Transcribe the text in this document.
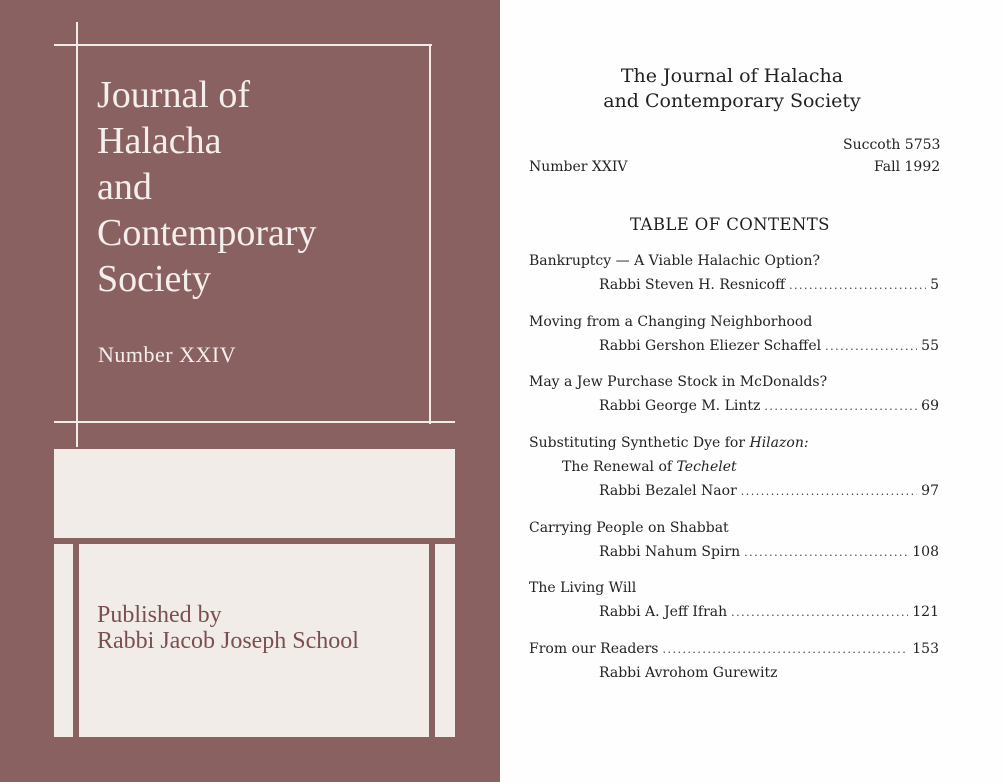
Journal of
Halacha
and
Contemporary
Society
Number XXIV
Published by
Rabbi Jacob Joseph School
The Journal of Halacha
and Contemporary Society
Succoth 5753
Number XXIV	Fall 1992
TABLE OF CONTENTS
Bankruptcy — A Viable Halachic Option?
Rabbi Steven H. Resnicoff .....	5
Moving from a Changing Neighborhood
Rabbi Gershon Eliezer Schaffel .....	55
May a Jew Purchase Stock in McDonalds?
Rabbi George M. Lintz .....	69
Substituting Synthetic Dye for Hilazon:
The Renewal of Techelet
Rabbi Bezalel Naor .....	97
Carrying People on Shabbat
Rabbi Nahum Spirn .....	108
The Living Will
Rabbi A. Jeff Ifrah .....	121
From our Readers .....	153
Rabbi Avrohom Gurewitz
